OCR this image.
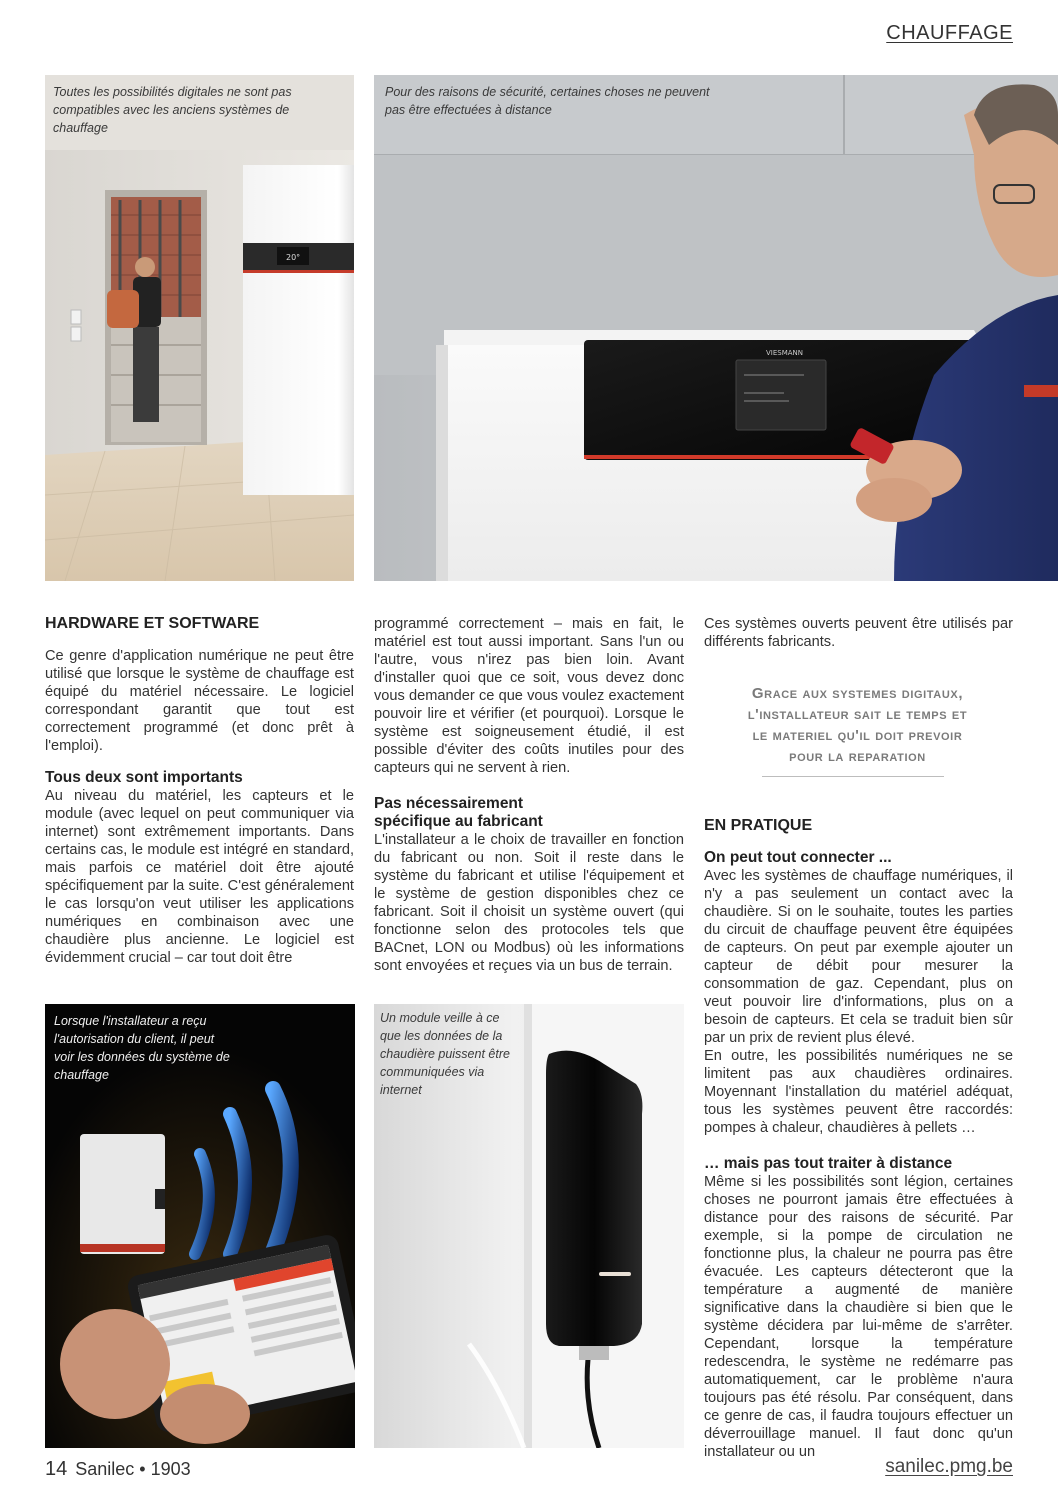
CHAUFFAGE
20°
Toutes les possibilités digitales ne sont pas compatibles avec les anciens systèmes de chauffage
VIESMANN
Pour des raisons de sécurité, certaines choses ne peuvent pas être effectuées à distance
HARDWARE ET SOFTWARE

Ce genre d'application numérique ne peut être utilisé que lorsque le système de chauffage est équipé du matériel nécessaire. Le logiciel correspondant garantit que tout est correctement programmé (et donc prêt à l'emploi).

Tous deux sont importants

Au niveau du matériel, les capteurs et le module (avec lequel on peut communiquer via internet) sont extrêmement importants. Dans certains cas, le module est intégré en standard, mais parfois ce matériel doit être ajouté spécifiquement par la suite. C'est généralement le cas lorsqu'on veut utiliser les applications numériques en combinaison avec une chaudière plus ancienne. Le logiciel est évidemment crucial – car tout doit être

programmé correctement – mais en fait, le matériel est tout aussi important. Sans l'un ou l'autre, vous n'irez pas bien loin. Avant d'installer quoi que ce soit, vous devez donc vous demander ce que vous voulez exactement pouvoir lire et vérifier (et pourquoi). Lorsque le système est soigneusement étudié, il est possible d'éviter des coûts inutiles pour des capteurs qui ne servent à rien.

Pas nécessairement spécifique au fabricant

L'installateur a le choix de travailler en fonction du fabricant ou non. Soit il reste dans le système du fabricant et utilise l'équipement et le système de gestion disponibles chez ce fabricant. Soit il choisit un système ouvert (qui fonctionne selon des protocoles tels que BACnet, LON ou Modbus) où les informations sont envoyées et reçues via un bus de terrain.

Ces systèmes ouverts peuvent être utilisés par différents fabricants.

Grace aux systemes digitaux, l'installateur sait le temps et le materiel qu'il doit prevoir pour la reparation
EN PRATIQUE
On peut tout connecter ...

Avec les systèmes de chauffage numériques, il n'y a pas seulement un contact avec la chaudière. Si on le souhaite, toutes les parties du circuit de chauffage peuvent être équipées de capteurs. On peut par exemple ajouter un capteur de débit pour mesurer la consommation de gaz. Cependant, plus on veut pouvoir lire d'informations, plus on a besoin de capteurs. Et cela se traduit bien sûr par un prix de revient plus élevé.

En outre, les possibilités numériques ne se limitent pas aux chaudières ordinaires. Moyennant l'installation du matériel adéquat, tous les systèmes peuvent être raccordés: pompes à chaleur, chaudières à pellets …

… mais pas tout traiter à distance

Même si les possibilités sont légion, certaines choses ne pourront jamais être effectuées à distance pour des raisons de sécurité. Par exemple, si la pompe de circulation ne fonctionne plus, la chaleur ne pourra pas être évacuée. Les capteurs détecteront que la température a augmenté de manière significative dans la chaudière si bien que le système décidera par lui-même de s'arrêter. Cependant, lorsque la température redescendra, le système ne redémarre pas automatiquement, car le problème n'aura toujours pas été résolu. Par conséquent, dans ce genre de cas, il faudra toujours effectuer un déverrouillage manuel. Il faut donc qu'un installateur ou un

Lorsque l'installateur a reçu l'autorisation du client, il peut voir les données du système de chauffage
Un module veille à ce que les données de la chaudière puissent être communiquées via internet
14 Sanilec • 1903	sanilec.pmg.be
